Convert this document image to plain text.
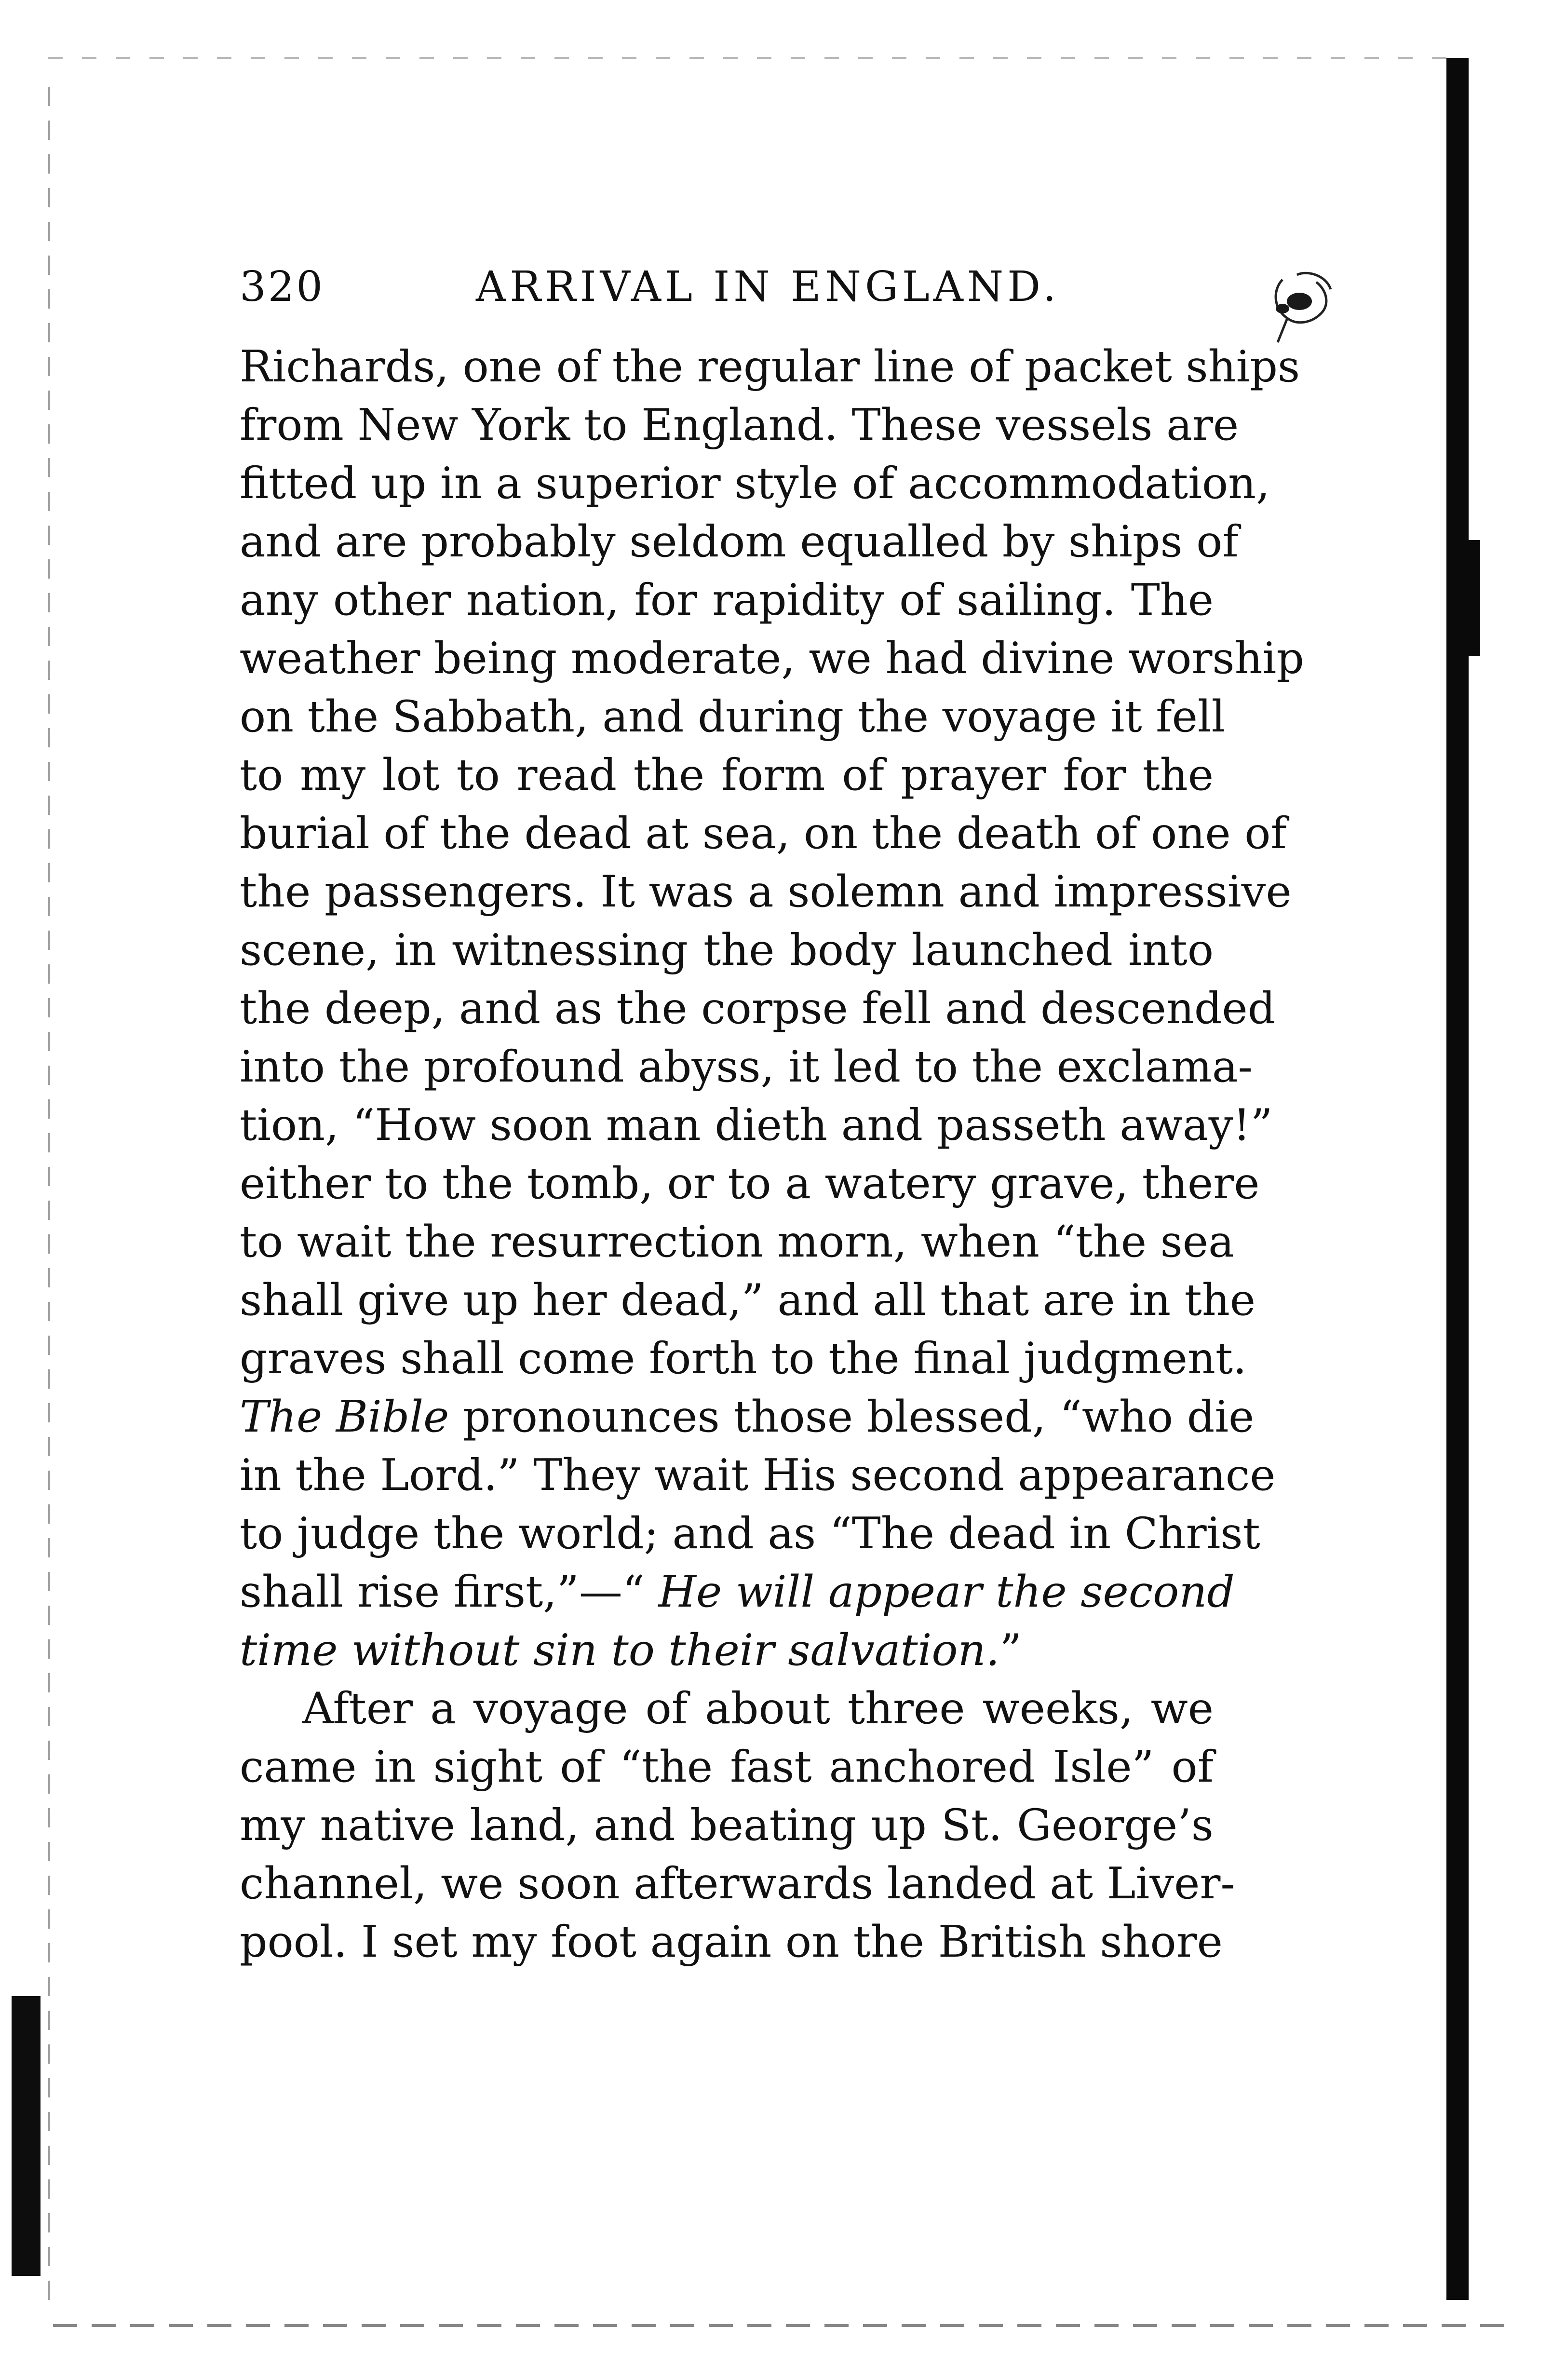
320	ARRIVAL IN ENGLAND.
Richards, one of the regular line of packet ships
from New York to England. These vessels are
fitted up in a superior style of accommodation,
and are probably seldom equalled by ships of
any other nation, for rapidity of sailing. The
weather being moderate, we had divine worship
on the Sabbath, and during the voyage it fell
to my lot to read the form of prayer for the
burial of the dead at sea, on the death of one of
the passengers. It was a solemn and impressive
scene, in witnessing the body launched into
the deep, and as the corpse fell and descended
into the profound abyss, it led to the exclama-
tion, “How soon man dieth and passeth away!”
either to the tomb, or to a watery grave, there
to wait the resurrection morn, when “the sea
shall give up her dead,” and all that are in the
graves shall come forth to the final judgment.
The Bible pronounces those blessed, “who die
in the Lord.” They wait His second appearance
to judge the world; and as “The dead in Christ
shall rise first,”—“ He will appear the second
time without sin to their salvation.”
After a voyage of about three weeks, we
came in sight of “the fast anchored Isle” of
my native land, and beating up St. George’s
channel, we soon afterwards landed at Liver-
pool. I set my foot again on the British shore
